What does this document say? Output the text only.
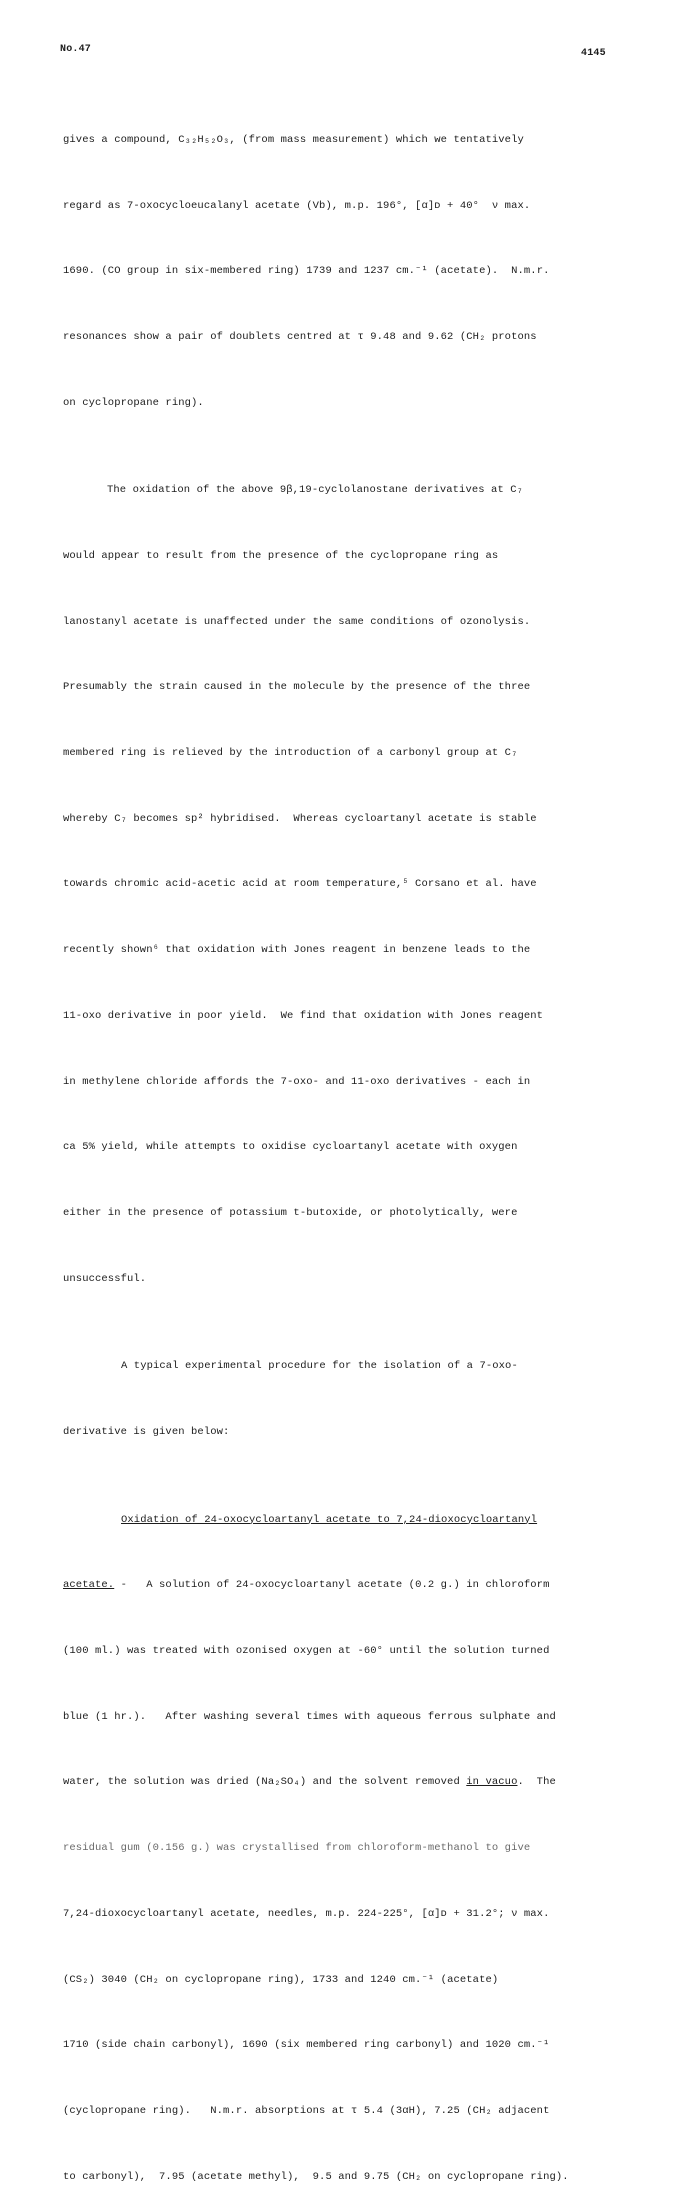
No.47	4145

gives a compound, C₃₂H₅₂O₃, (from mass measurement) which we tentatively

regard as 7-oxocycloeucalanyl acetate (Vb), m.p. 196°, [α]ᴅ + 40°  ν max.

1690. (CO group in six-membered ring) 1739 and 1237 cm.⁻¹ (acetate).  N.m.r.

resonances show a pair of doublets centred at τ 9.48 and 9.62 (CH₂ protons

on cyclopropane ring).

The oxidation of the above 9β,19-cyclolanostane derivatives at C₇

would appear to result from the presence of the cyclopropane ring as

lanostanyl acetate is unaffected under the same conditions of ozonolysis.

Presumably the strain caused in the molecule by the presence of the three

membered ring is relieved by the introduction of a carbonyl group at C₇

whereby C₇ becomes sp² hybridised.  Whereas cycloartanyl acetate is stable

towards chromic acid-acetic acid at room temperature,⁵ Corsano et al. have

recently shown⁶ that oxidation with Jones reagent in benzene leads to the

11-oxo derivative in poor yield.  We find that oxidation with Jones reagent

in methylene chloride affords the 7-oxo- and 11-oxo derivatives - each in

ca 5% yield, while attempts to oxidise cycloartanyl acetate with oxygen

either in the presence of potassium t-butoxide, or photolytically, were

unsuccessful.

A typical experimental procedure for the isolation of a 7-oxo-

derivative is given below:

Oxidation of 24-oxocycloartanyl acetate to 7,24-dioxocycloartanyl

acetate. -   A solution of 24-oxocycloartanyl acetate (0.2 g.) in chloroform

(100 ml.) was treated with ozonised oxygen at -60° until the solution turned

blue (1 hr.).   After washing several times with aqueous ferrous sulphate and

water, the solution was dried (Na₂SO₄) and the solvent removed in vacuo.  The

residual gum (0.156 g.) was crystallised from chloroform-methanol to give

7,24-dioxocycloartanyl acetate, needles, m.p. 224-225°, [α]ᴅ + 31.2°; ν max.

(CS₂) 3040 (CH₂ on cyclopropane ring), 1733 and 1240 cm.⁻¹ (acetate)

1710 (side chain carbonyl), 1690 (six membered ring carbonyl) and 1020 cm.⁻¹

(cyclopropane ring).   N.m.r. absorptions at τ 5.4 (3αH), 7.25 (CH₂ adjacent

to carbonyl),  7.95 (acetate methyl),  9.5 and 9.75 (CH₂ on cyclopropane ring).
